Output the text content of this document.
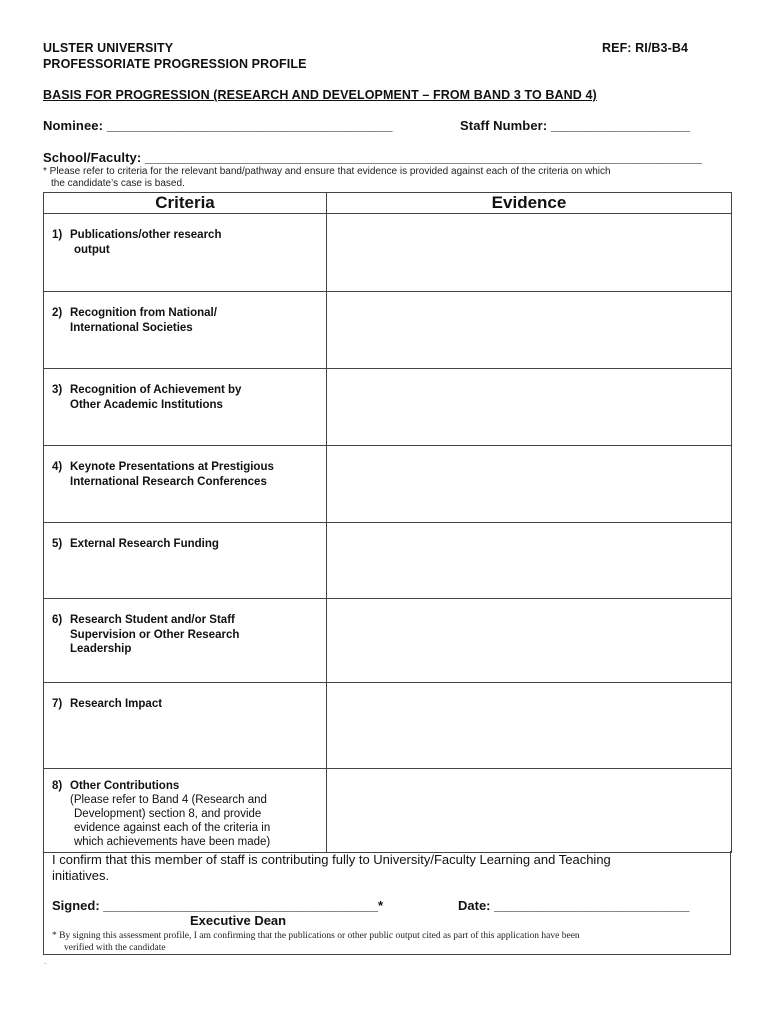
ULSTER UNIVERSITY	REF: RI/B3-B4
PROFESSORIATE PROGRESSION PROFILE
BASIS FOR PROGRESSION (RESEARCH AND DEVELOPMENT – FROM BAND 3 TO BAND 4)
Nominee: _______________________________________	Staff Number: ___________________
School/Faculty: ____________________________________________________________________________
* Please refer to criteria for the relevant band/pathway and ensure that evidence is provided against each of the criteria on which
the candidate’s case is based.
Criteria	Evidence
1) Publications/other research
output	

2) Recognition from National/
International Societies	

3) Recognition of Achievement by
Other Academic Institutions	

4) Keynote Presentations at Prestigious
International Research Conferences	

5) External Research Funding	
6) Research Student and/or Staff
Supervision or Other Research
Leadership	

7) Research Impact	
8) Other Contributions
(Please refer to Band 4 (Research and
Development) section 8, and provide
evidence against each of the criteria in
which achievements have been made)	

I confirm that this member of staff is contributing fully to University/Faculty Learning and Teaching
initiatives.
Signed: ______________________________________*	Date: ___________________________
Executive Dean
* By signing this assessment profile, I am confirming that the publications or other public output cited as part of this application have been
verified with the candidate
.
